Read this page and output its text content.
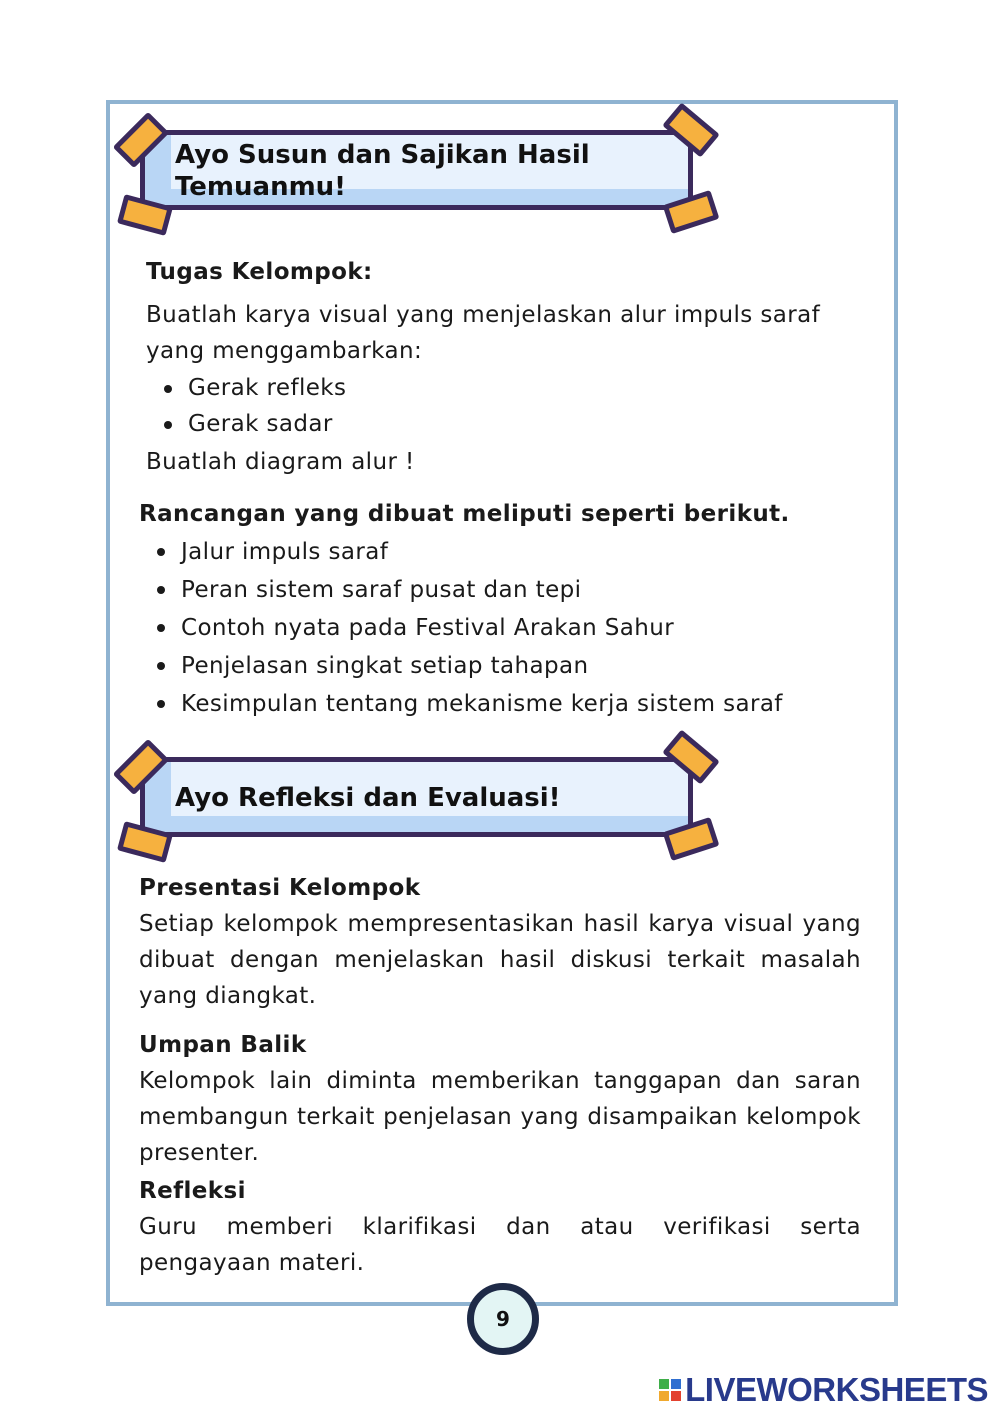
Ayo Susun dan Sajikan Hasil Temuanmu!
Tugas Kelompok:
Buatlah karya visual yang menjelaskan alur impuls saraf yang menggambarkan:
Gerak refleks
Gerak sadar
Buatlah diagram alur !
Rancangan yang dibuat meliputi seperti berikut.
Jalur impuls saraf
Peran sistem saraf pusat dan tepi
Contoh nyata pada Festival Arakan Sahur
Penjelasan singkat setiap tahapan
Kesimpulan tentang mekanisme kerja sistem saraf
Ayo Refleksi dan Evaluasi!
Presentasi Kelompok
Setiap kelompok mempresentasikan hasil karya visual yang dibuat dengan menjelaskan hasil diskusi terkait masalah yang diangkat.
Umpan Balik
Kelompok lain diminta memberikan tanggapan dan saran membangun terkait penjelasan yang disampaikan kelompok presenter.
Refleksi
Guru memberi klarifikasi dan atau verifikasi serta pengayaan materi.
9
LIVEWORKSHEETS
